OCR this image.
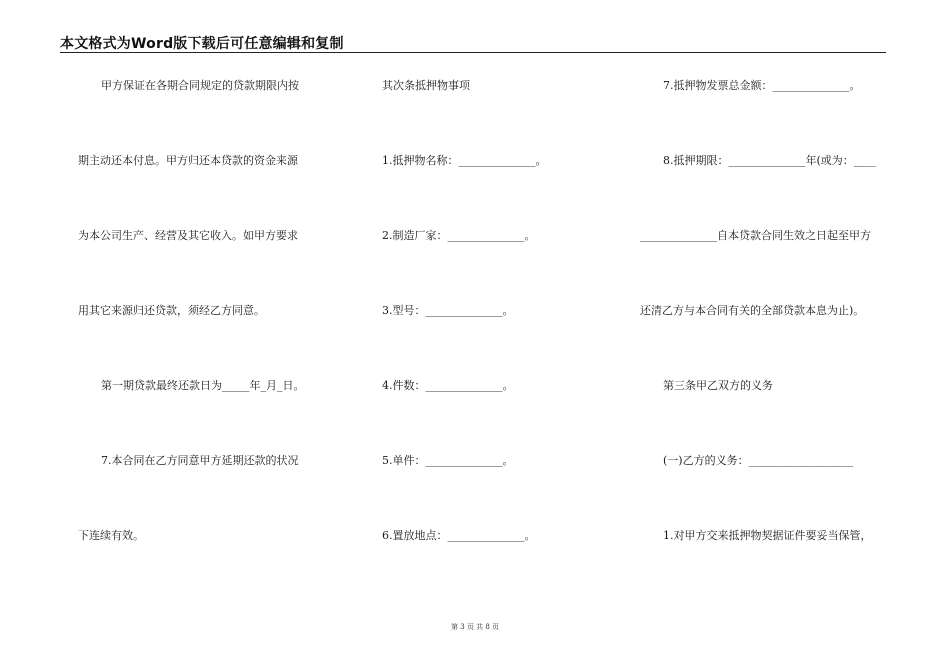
本文格式为Word版下载后可任意编辑和复制
甲方保证在各期合同规定的贷款期限内按
期主动还本付息。甲方归还本贷款的资金来源
为本公司生产、经营及其它收入。如甲方要求
用其它来源归还贷款，须经乙方同意。
第一期贷款最终还款日为_____年_月_日。
7.本合同在乙方同意甲方延期还款的状况
下连续有效。
其次条抵押物事项
1.抵押物名称：______________。
2.制造厂家：______________。
3.型号：______________。
4.件数：______________。
5.单件：______________。
6.置放地点：______________。
7.抵押物发票总金额：______________。
8.抵押期限：______________年(或为：____
______________自本贷款合同生效之日起至甲方
还清乙方与本合同有关的全部贷款本息为止)。
第三条甲乙双方的义务
(一)乙方的义务：___________________
1.对甲方交来抵押物契据证件要妥当保管，
第 3 页 共 8 页
